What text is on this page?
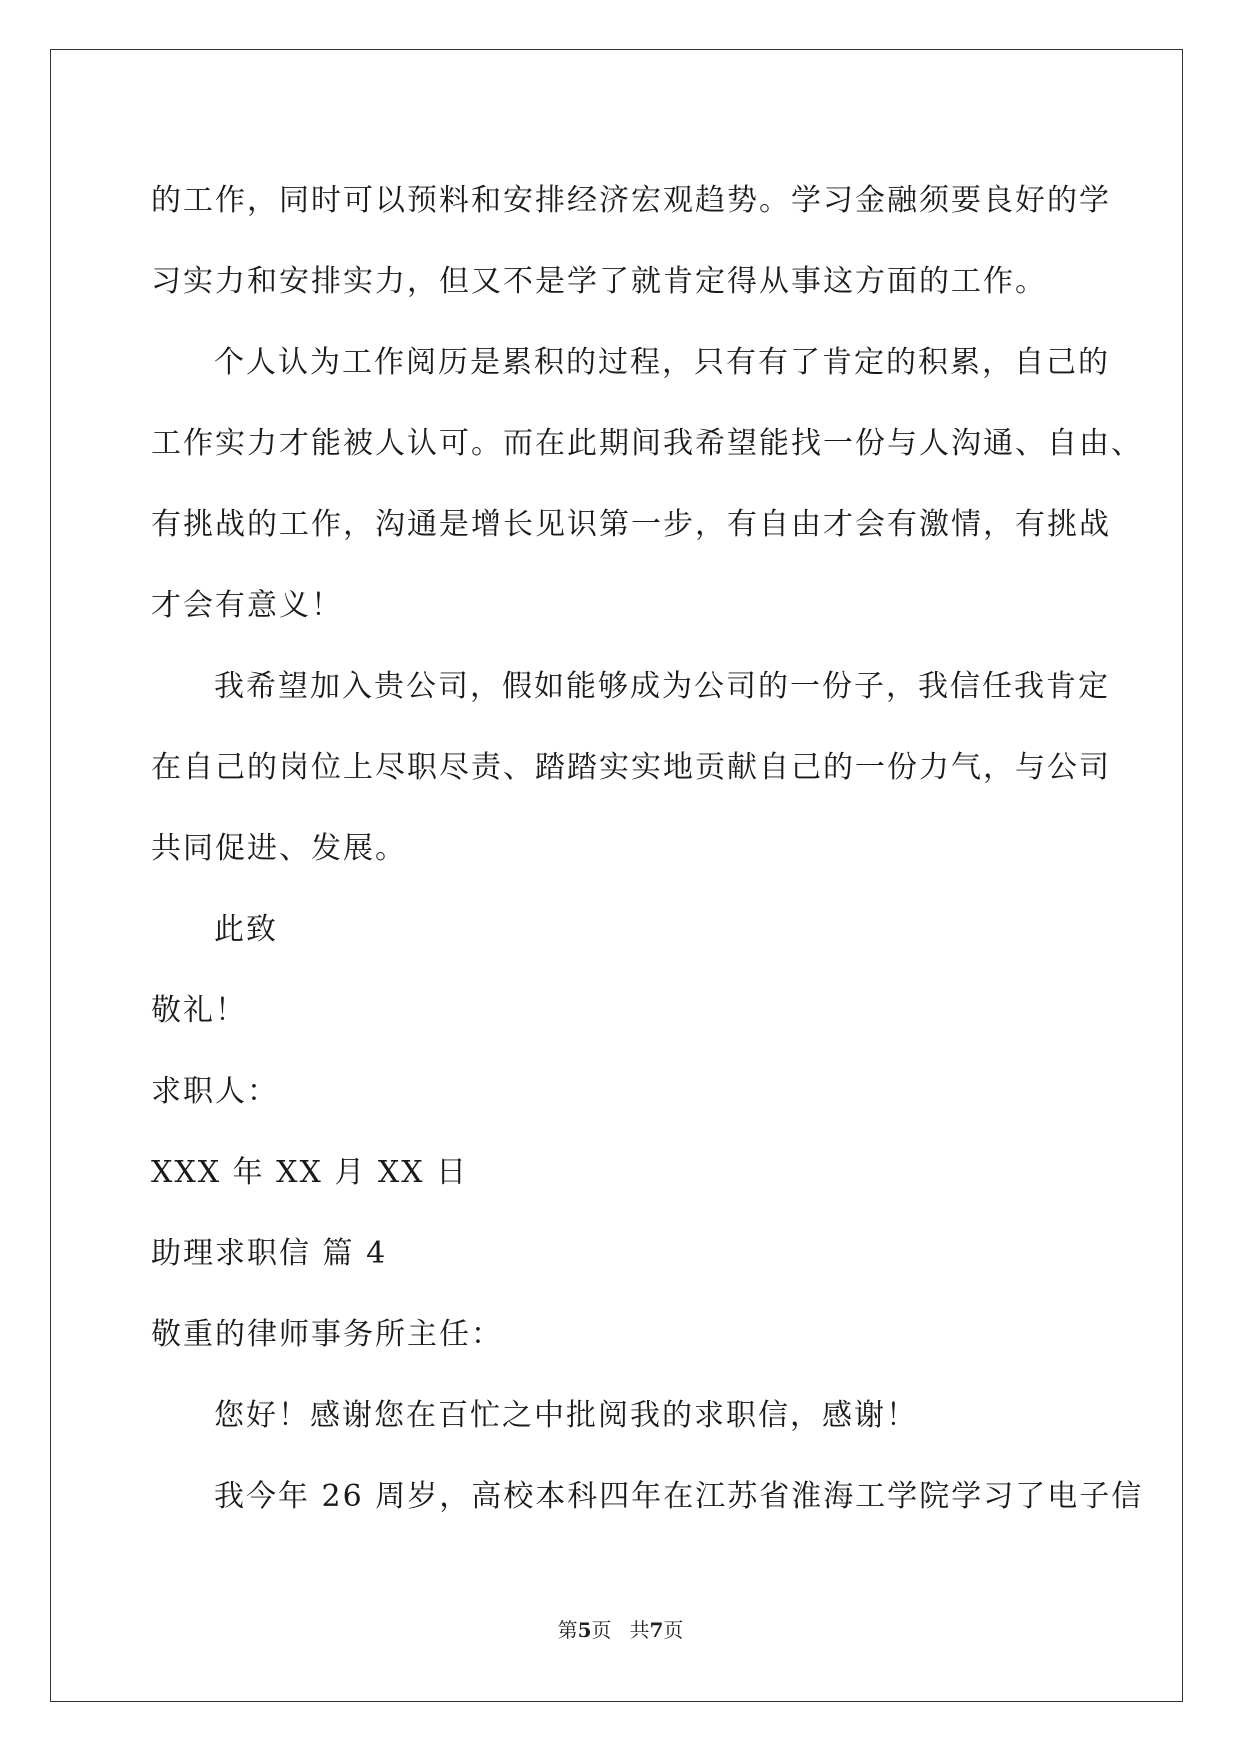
的工作，同时可以预料和安排经济宏观趋势。学习金融须要良好的学
习实力和安排实力，但又不是学了就肯定得从事这方面的工作。
个人认为工作阅历是累积的过程，只有有了肯定的积累，自己的
工作实力才能被人认可。而在此期间我希望能找一份与人沟通、自由、
有挑战的工作，沟通是增长见识第一步，有自由才会有激情，有挑战
才会有意义！
我希望加入贵公司，假如能够成为公司的一份子，我信任我肯定
在自己的岗位上尽职尽责、踏踏实实地贡献自己的一份力气，与公司
共同促进、发展。
此致
敬礼！
求职人：
XXX 年 XX 月 XX 日
助理求职信 篇 4
敬重的律师事务所主任：
您好！感谢您在百忙之中批阅我的求职信，感谢！
我今年 26 周岁，高校本科四年在江苏省淮海工学院学习了电子信
第5页 共7页
